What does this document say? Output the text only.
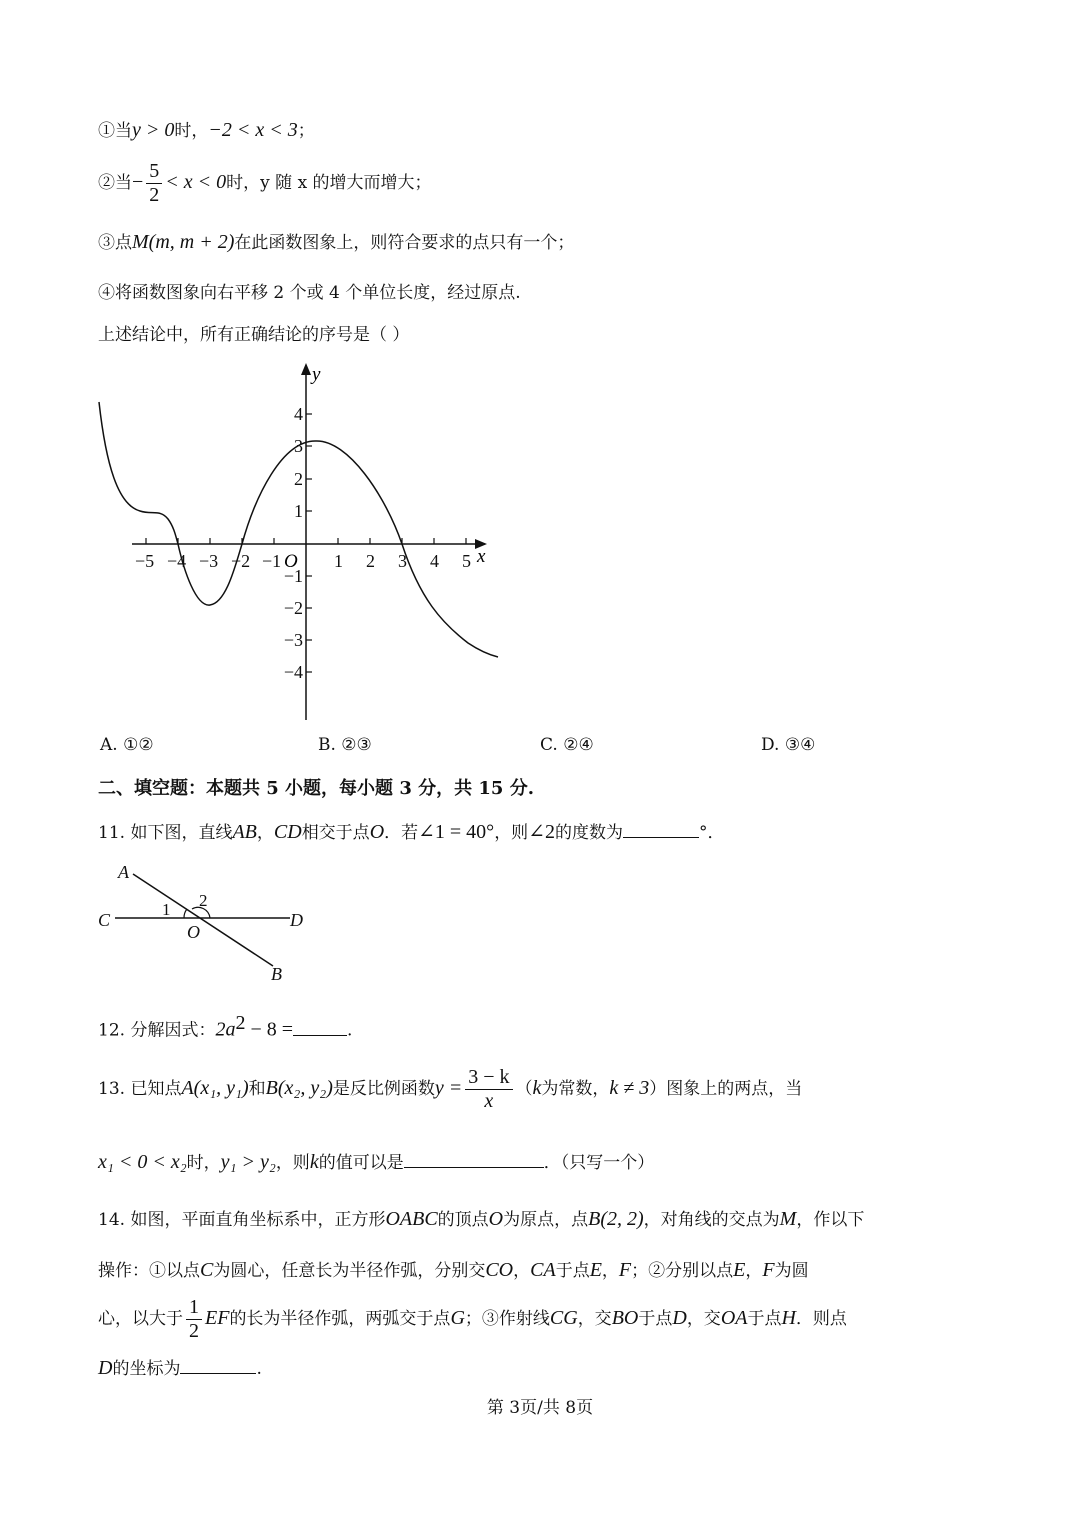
①当y > 0时，−2 < x < 3；
②当− $\frac{5}{2} < x < 0$时，y 随 x 的增大而增大；
③点M(m, m + 2)在此函数图象上，则符合要求的点只有一个；
④将函数图象向右平移 2 个或 4 个单位长度，经过原点.
上述结论中，所有正确结论的序号是（ ）
x
y
O
−5 −4 −3 −2 −1	1 2 3 4 5
4
3
2
1
−1
−2
−3
−4
A. ①②	B. ②③	C. ②④	D. ③④
二、填空题：本题共 5 小题，每小题 3 分，共 15 分.
11. 如下图，直线AB，CD相交于点O．若∠1 = 40°，则∠2的度数为	°．
A
C	D
O
B
1 2
12. 分解因式：$2a^2 - 8$ =	.
13. 已知点A(x₁, y₁)和B(x₂, y₂)是反比例函数$y = \frac{3 - k}{x} (k$为常数，k ≠ 3）图象上的两点，当
x₁ < 0 < x₂时，y₁ > y₂，则k的值可以是	．（只写一个）
14. 如图，平面直角坐标系中，正方形OABC的顶点O为原点，点B(2, 2)，对角线的交点为M，作以下
操作：①以点C为圆心，任意长为半径作弧，分别交CO，CA于点E，F；②分别以点E，F为圆
心，以大于 $\frac{1}{2}$ EF的长为半径作弧，两弧交于点G；③作射线CG，交BO于点D，交OA于点H．则点
D的坐标为	.
第 3页/共 8页
